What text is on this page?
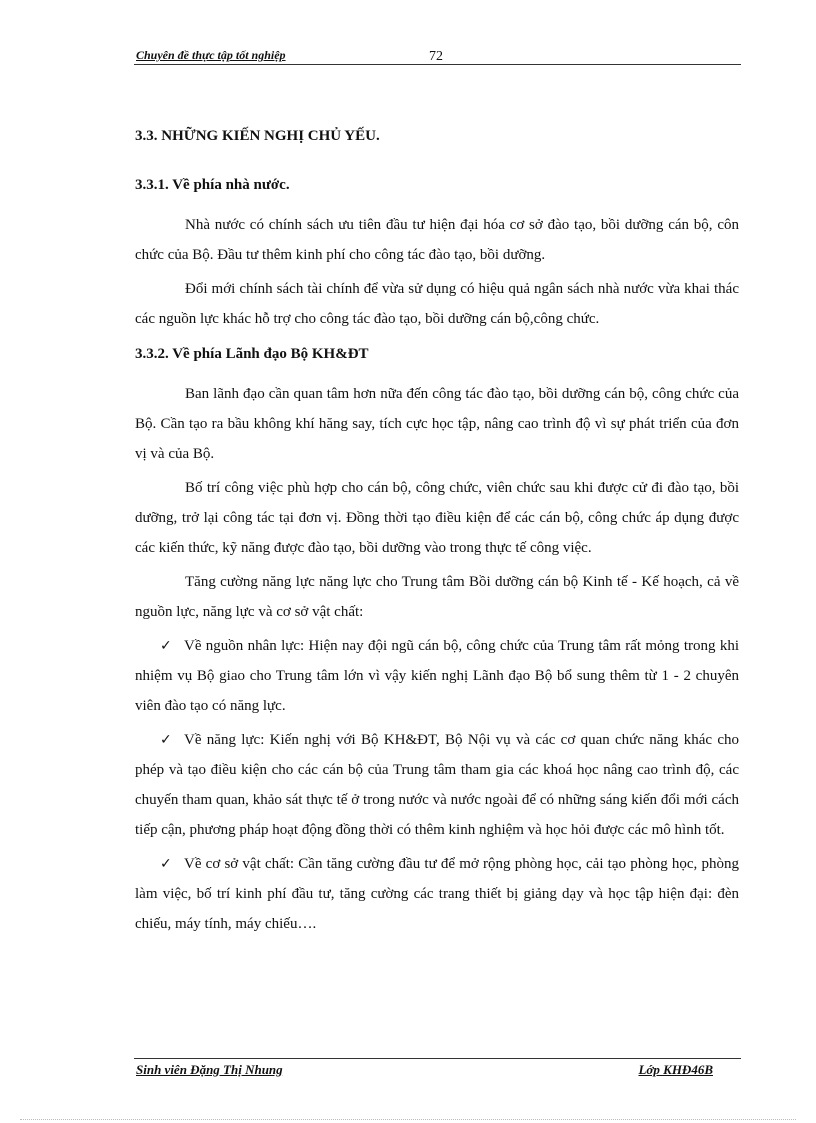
Chuyên đề thực tập tốt nghiệp	72
3.3. NHỮNG KIẾN NGHỊ CHỦ YẾU.
3.3.1. Về phía nhà nước.

Nhà nước có chính sách ưu tiên đầu tư hiện đại hóa cơ sở đào tạo, bồi dưỡng cán bộ, côn chức của Bộ. Đầu tư thêm kinh phí cho công tác đào tạo, bồi dưỡng.

Đổi mới chính sách tài chính để vừa sử dụng có hiệu quả ngân sách nhà nước vừa khai thác các nguồn lực khác hỗ trợ cho công tác đào tạo, bồi dưỡng cán bộ,công chức.

3.3.2. Về phía Lãnh đạo Bộ KH&ĐT

Ban lãnh đạo cần quan tâm hơn nữa đến công tác đào tạo, bồi dưỡng cán bộ, công chức của Bộ. Cần tạo ra bầu không khí hăng say, tích cực học tập, nâng cao trình độ vì sự phát triển của đơn vị và của Bộ.

Bố trí công việc phù hợp cho cán bộ, công chức, viên chức sau khi được cử đi đào tạo, bồi dưỡng, trở lại công tác tại đơn vị. Đồng thời tạo điều kiện để các cán bộ, công chức áp dụng được các kiến thức, kỹ năng được đào tạo, bồi dưỡng vào trong thực tế công việc.

Tăng cường năng lực năng lực cho Trung tâm Bồi dưỡng cán bộ Kinh tế - Kế hoạch, cả về nguồn lực, năng lực và cơ sở vật chất:

✓ Về nguồn nhân lực: Hiện nay đội ngũ cán bộ, công chức của Trung tâm rất mỏng trong khi nhiệm vụ Bộ giao cho Trung tâm lớn vì vậy kiến nghị Lãnh đạo Bộ bổ sung thêm từ 1 - 2 chuyên viên đào tạo có năng lực.

✓ Về năng lực: Kiến nghị với Bộ KH&ĐT, Bộ Nội vụ và các cơ quan chức năng khác cho phép và tạo điều kiện cho các cán bộ của Trung tâm tham gia các khoá học nâng cao trình độ, các chuyến tham quan, khảo sát thực tế ở trong nước và nước ngoài để có những sáng kiến đổi mới cách tiếp cận, phương pháp hoạt động đồng thời có thêm kinh nghiệm và học hỏi được các mô hình tốt.

✓ Về cơ sở vật chất: Cần tăng cường đầu tư để mở rộng phòng học, cải tạo phòng học, phòng làm việc, bố trí kinh phí đầu tư, tăng cường các trang thiết bị giảng dạy và học tập hiện đại: đèn chiếu, máy tính, máy chiếu….

Sinh viên Đặng Thị Nhung	Lớp KHĐ46B
